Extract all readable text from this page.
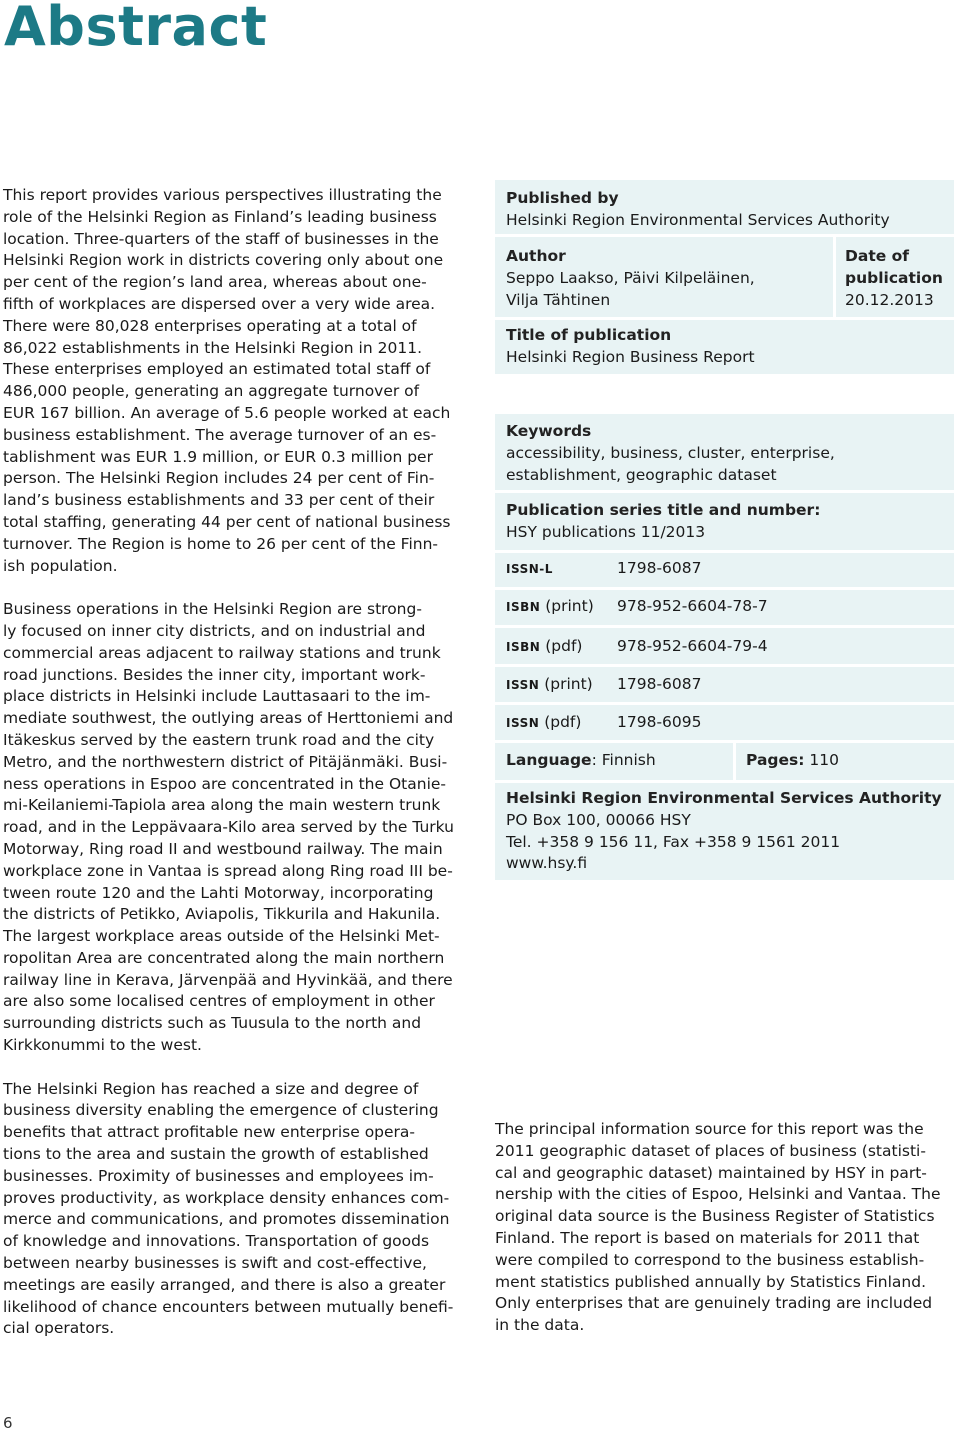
Abstract

This report provides various perspectives illustrating the
role of the Helsinki Region as Finland’s leading business
location. Three-quarters of the staff of businesses in the
Helsinki Region work in districts covering only about one
per cent of the region’s land area, whereas about one-
fifth of workplaces are dispersed over a very wide area.
There were 80,028 enterprises operating at a total of
86,022 establishments in the Helsinki Region in 2011.
These enterprises employed an estimated total staff of
486,000 people, generating an aggregate turnover of
EUR 167 billion. An average of 5.6 people worked at each
business establishment. The average turnover of an es-
tablishment was EUR 1.9 million, or EUR 0.3 million per
person. The Helsinki Region includes 24 per cent of Fin-
land’s business establishments and 33 per cent of their
total staffing, generating 44 per cent of national business
turnover. The Region is home to 26 per cent of the Finn-
ish population.

Business operations in the Helsinki Region are strong-
ly focused on inner city districts, and on industrial and
commercial areas adjacent to railway stations and trunk
road junctions. Besides the inner city, important work-
place districts in Helsinki include Lauttasaari to the im-
mediate southwest, the outlying areas of Herttoniemi and
Itäkeskus served by the eastern trunk road and the city
Metro, and the northwestern district of Pitäjänmäki. Busi-
ness operations in Espoo are concentrated in the Otanie-
mi-Keilaniemi-Tapiola area along the main western trunk
road, and in the Leppävaara-Kilo area served by the Turku
Motorway, Ring road II and westbound railway. The main
workplace zone in Vantaa is spread along Ring road III be-
tween route 120 and the Lahti Motorway, incorporating
the districts of Petikko, Aviapolis, Tikkurila and Hakunila.
The largest workplace areas outside of the Helsinki Met-
ropolitan Area are concentrated along the main northern
railway line in Kerava, Järvenpää and Hyvinkää, and there
are also some localised centres of employment in other
surrounding districts such as Tuusula to the north and
Kirkkonummi to the west.

The Helsinki Region has reached a size and degree of
business diversity enabling the emergence of clustering
benefits that attract profitable new enterprise opera-
tions to the area and sustain the growth of established
businesses. Proximity of businesses and employees im-
proves productivity, as workplace density enhances com-
merce and communications, and promotes dissemination
of knowledge and innovations. Transportation of goods
between nearby businesses is swift and cost-effective,
meetings are easily arranged, and there is also a greater
likelihood of chance encounters between mutually benefi-
cial operators.

Published by
Helsinki Region Environmental Services Authority
Author
Seppo Laakso, Päivi Kilpeläinen,
Vilja Tähtinen
Date of
publication
20.12.2013
Title of publication
Helsinki Region Business Report
Keywords
accessibility, business, cluster, enterprise,
establishment, geographic dataset
Publication series title and number:
HSY publications 11/2013
ISSN-L	1798-6087
ISBN (print) 978-952-6604-78-7
ISBN (pdf) 978-952-6604-79-4
ISSN (print) 1798-6087
ISSN (pdf) 1798-6095
Language: Finnish	Pages: 110
Helsinki Region Environmental Services Authority
PO Box 100, 00066 HSY
Tel. +358 9 156 11, Fax +358 9 1561 2011
www.hsy.fi
The principal information source for this report was the
2011 geographic dataset of places of business (statisti-
cal and geographic dataset) maintained by HSY in part-
nership with the cities of Espoo, Helsinki and Vantaa. The
original data source is the Business Register of Statistics
Finland. The report is based on materials for 2011 that
were compiled to correspond to the business establish-
ment statistics published annually by Statistics Finland.
Only enterprises that are genuinely trading are included
in the data.
6
